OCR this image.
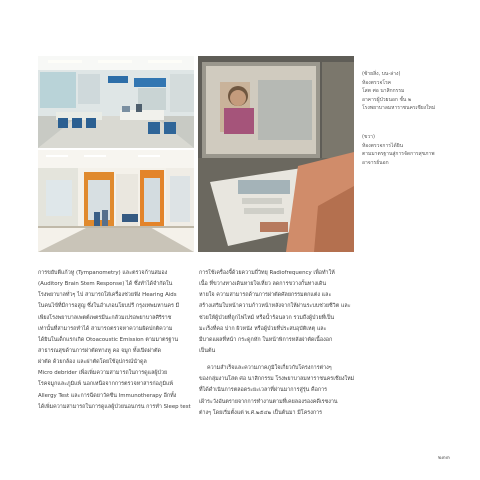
(ซ้ายสิ่ง, บน-ล่าง)
ห้องตรวจโรค
โสต ศอ นาสิกกรรม
อาคารผู้ป่วยนอก ชั้น ๒
โรงพยาบาลมหาราชนครเชียงใหม่
(ขวา)
ห้องตรวจการได้ยิน
ตามมาตรฐานสู่การจัดการสุขภาพ
อาจารย์นอก
การขยับตีแก้วหู (Tympanometry) และตรวจก้านสมอง
(Auditory Brain Stem Response) ได้ ซึ่งทำได้จำกัดใน
โรงพยาบาลทั่วๆ ไป สามารถใส่เครื่องช่วยฟัง Hearing Aids
ในคนไข้ที่มีการอสูญ ซึ่งในอำเภอนโยบปรี กรุงเทพมหานคร มี
เพียงโรงพยาบาลเพตต์เพตรมีนะกลัวมเปรอพยาบาลศิริราช
เท่านั้นที่สามารถทำได้ สามารถตรวจหาความผิดปกติความ
ได้ยินในเด็กแรกเกิด Otoacoustic Emission ตามมาตรฐาน
สาธารณสุขด้านการผ่าตัดทางหู คอ จมูก ทั้งเปิดผ่าตัด
ผ่าตัด ด้วยกล้อง และผ่าตัดโดยใช้อุปกรณ์นำดูล
Micro debrider เพื่อเพิ่มความสามารถในการดูแลผู้ป่วย
โรคจมูกและภูมิแพ้ นอกเหนือจากการตรวจหาสารก่อภูมิแพ้
Allergy Test และการฉีดยาวัคซีน Immunotherapy อีกทั้ง
ได้เพิ่มความสามารถในการดูแลผู้ป่วยนอนกรน การทำ Sleep test
การใช้เครื่องจี้ด้วยความถี่วิทยุ Radiofrequency เพื่อทำให้
เนื้อ ที่ขวางทางเดินหายใจเหี่ยว ลดการขวางกั้นทางเดิน
หายใจ ความสามารถด้านการผ่าตัดศัลยกรรมตกแต่ง และ
สร้างเสริมใบหน้าความก้าวหน้าหลังจากให้ผ่านระบบช่วยชีวิต และ
ช่วยให้ผู้ป่วยที่ถูกไฟไหม้ หรือน้ำร้อนลวก รวมถึงผู้ป่วยที่เป็น
มะเร็งที่คอ ปาก ผิวหนัง หรือผู้ป่วยที่ประสบอุบัติเหตุ และ
มีบาดแผลที่หน้า กระดูกหัก ในหน้าพิการหลังผ่าตัดเนื้องอก
เป็นต้น
ความสำเร็จและความภาคภูมิใจเกี่ยวกับโครงการต่างๆ
ของกลุ่มงานโสต ศอ นาสิกกรรม โรงพยาบาลมหาราชนครเชียงใหม่
ที่ได้ดำเนินการตลอดระยะเวลาที่ผ่านมาการสู่รุ่น คือการ
เฝ้าระวังอันตรายจากการทำงานตามที่เคยลองรองคดีเรซงาน
ต่างๆ โดยเริ่มตั้งแต่ พ.ศ.๒๕๔๒ เป็นต้นมา มีโครงการ
๒๓๓
